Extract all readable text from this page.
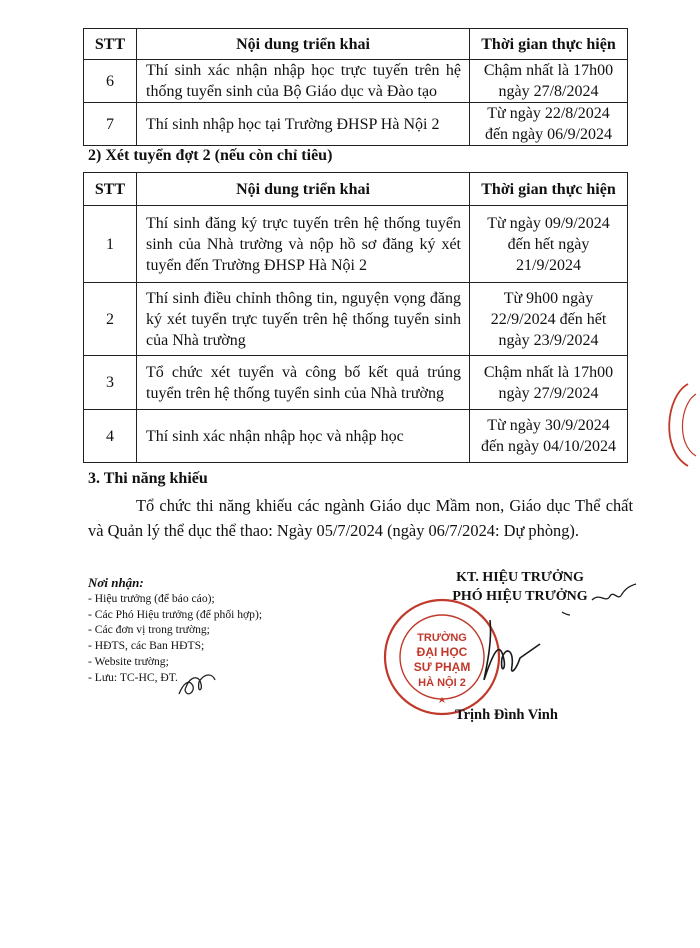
STT	Nội dung triển khai	Thời gian thực hiện
6	Thí sinh xác nhận nhập học trực tuyến trên hệ thống tuyển sinh của Bộ Giáo dục và Đào tạo	Chậm nhất là 17h00
ngày 27/8/2024
7	Thí sinh nhập học tại Trường ĐHSP Hà Nội 2	Từ ngày 22/8/2024
đến ngày 06/9/2024
2) Xét tuyển đợt 2 (nếu còn chỉ tiêu)
STT	Nội dung triển khai	Thời gian thực hiện
1	Thí sinh đăng ký trực tuyến trên hệ thống tuyển sinh của Nhà trường và nộp hồ sơ đăng ký xét tuyển đến Trường ĐHSP Hà Nội 2	Từ ngày 09/9/2024
đến hết ngày
21/9/2024
2	Thí sinh điều chỉnh thông tin, nguyện vọng đăng ký xét tuyển trực tuyến trên hệ thống tuyển sinh của Nhà trường	Từ 9h00 ngày
22/9/2024 đến hết
ngày 23/9/2024
3	Tổ chức xét tuyển và công bố kết quả trúng tuyển trên hệ thống tuyển sinh của Nhà trường	Chậm nhất là 17h00
ngày 27/9/2024
4	Thí sinh xác nhận nhập học và nhập học	Từ ngày 30/9/2024
đến ngày 04/10/2024
3. Thi năng khiếu
Tổ chức thi năng khiếu các ngành Giáo dục Mầm non, Giáo dục Thể chất và Quản lý thể dục thể thao: Ngày 05/7/2024 (ngày 06/7/2024: Dự phòng).
Nơi nhận:
- Hiệu trưởng (để báo cáo);
- Các Phó Hiệu trưởng (để phối hợp);
- Các đơn vị trong trường;
- HĐTS, các Ban HĐTS;
- Website trường;
- Lưu: TC-HC, ĐT.
KT. HIỆU TRƯỞNG
PHÓ HIỆU TRƯỞNG
TRƯỜNG
ĐẠI HỌC
SƯ PHẠM
HÀ NỘI 2
Trịnh Đình Vinh
